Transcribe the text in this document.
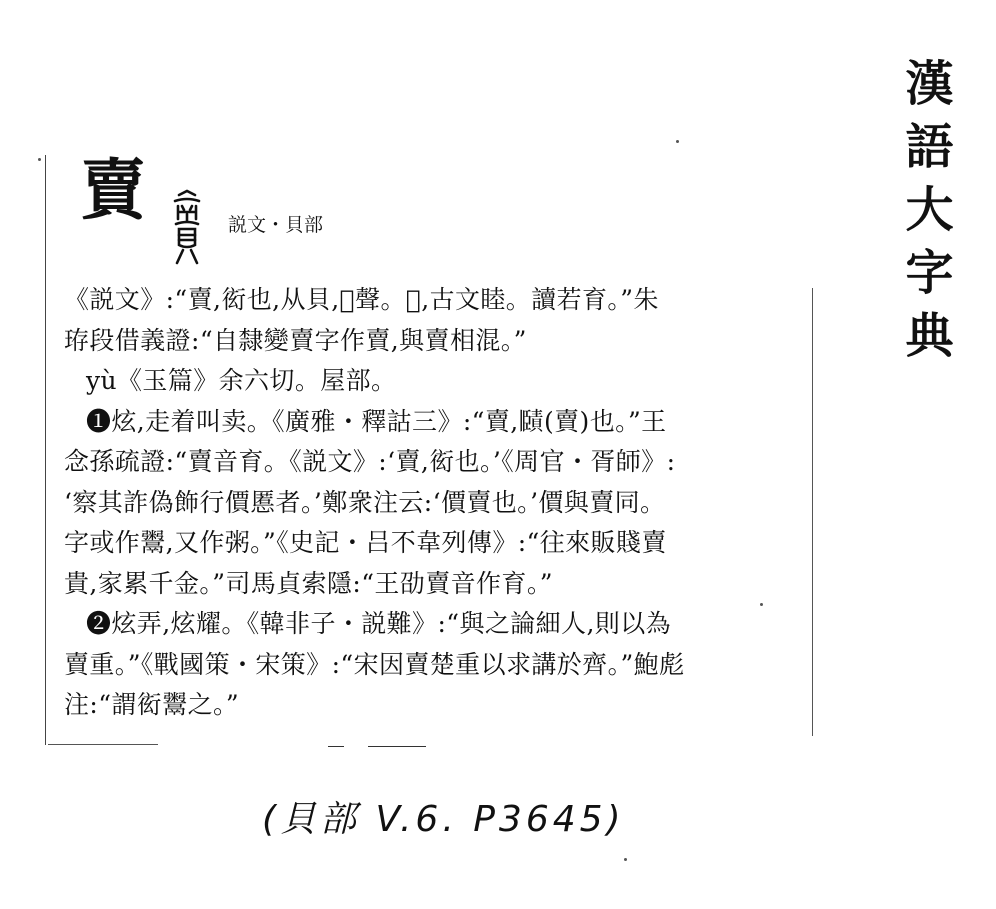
漢語大字典
賣	説文・貝部

《説文》:“賣,衒也,从貝,𡿬聲。𡿬,古文睦。讀若育。”朱

珔段借義證:“自隸變賣字作賣,與賣相混。”

yù《玉篇》余六切。屋部。

❶炫,走着叫卖。《廣雅・釋詁三》:“賣,𧷤(賣)也。”王

念孫疏證:“賣音育。《説文》:‘賣,衒也。’《周官・胥師》:

‘察其詐偽飾行價慝者。’鄭衆注云:‘價賣也。’價與賣同。

字或作鬻,又作粥。”《史記・吕不韋列傳》:“往來販賤賣

貴,家累千金。”司馬貞索隱:“王劭賣音作育。”

❷炫弄,炫耀。《韓非子・説難》:“與之論細人,則以為

賣重。”《戰國策・宋策》:“宋因賣楚重以求講於齊。”鮑彪

注:“謂衒鬻之。”

(貝部 V.6. P3645)
